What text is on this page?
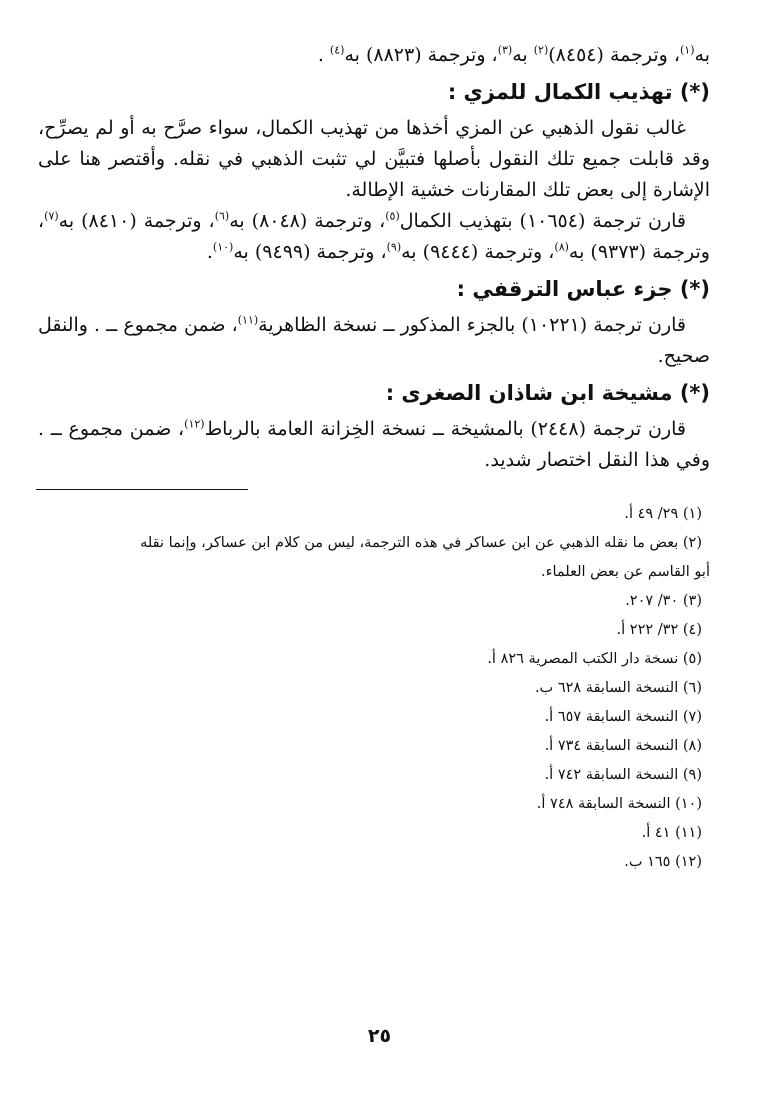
به$^{(١)}$، وترجمة (٨٤٥٤)$^{(٢)}$ به$^{(٣)}$، وترجمة (٨٨٢٣) به$^{(٤)}$ .

(*) تهذيب الكمال للمزي :

غالب نقول الذهبي عن المزي أخذها من تهذيب الكمال، سواء صرَّح به أو لم يصرِّح، وقد قابلت جميع تلك النقول بأصلها فتبيَّن لي تثبت الذهبي في نقله. وأقتصر هنا على الإشارة إلى بعض تلك المقارنات خشية الإطالة.

قارن ترجمة (١٠٦٥٤) بتهذيب الكمال$^{(٥)}$، وترجمة (٨٠٤٨) به$^{(٦)}$، وترجمة (٨٤١٠) به$^{(٧)}$، وترجمة (٩٣٧٣) به$^{(٨)}$، وترجمة (٩٤٤٤) به$^{(٩)}$، وترجمة (٩٤٩٩) به$^{(١٠)}$.

(*) جزء عباس الترقفي :

قارن ترجمة (١٠٢٢١) بالجزء المذكور ــ نسخة الظاهرية$^{(١١)}$، ضمن مجموع ــ . والنقل صحيح.

(*) مشيخة ابن شاذان الصغرى :

قارن ترجمة (٢٤٤٨) بالمشيخة ــ نسخة الخِزانة العامة بالرباط$^{(١٢)}$، ضمن مجموع ــ . وفي هذا النقل اختصار شديد.

(١) ٢٩/ ٤٩ أ.

(٢) بعض ما نقله الذهبي عن ابن عساكر في هذه الترجمة، ليس من كلام ابن عساكر، وإنما نقله

أبو القاسم عن بعض العلماء.

(٣) ٣٠/ ٢٠٧.

(٤) ٣٢/ ٢٢٢ أ.

(٥) نسخة دار الكتب المصرية ٨٢٦ أ.

(٦) النسخة السابقة ٦٢٨ ب.

(٧) النسخة السابقة ٦٥٧ أ.

(٨) النسخة السابقة ٧٣٤ أ.

(٩) النسخة السابقة ٧٤٢ أ.

(١٠) النسخة السابقة ٧٤٨ أ.

(١١) ٤١ أ.

(١٢) ١٦٥ ب.

٢٥
